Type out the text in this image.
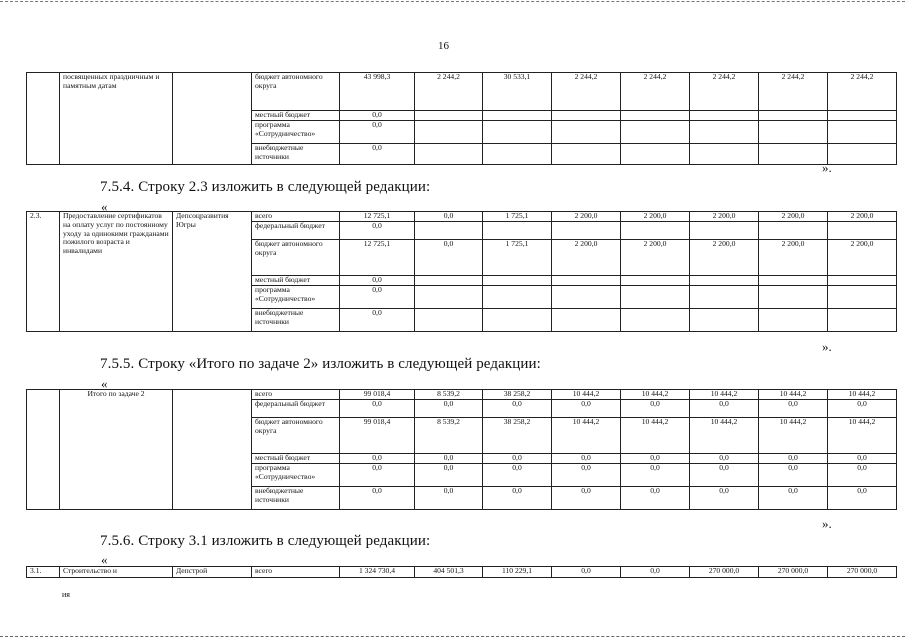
16
	посвященных праздничным и памятным датам		бюджет автономного округа	43 998,3	2 244,2	30 533,1	2 244,2	2 244,2	2 244,2	2 244,2	2 244,2
			местный бюджет	0,0							
			программа «Сотрудничество»	0,0							
			внебюджетные источники	0,0							
».
7.5.4. Строку 2.3 изложить в следующей редакции:
«
2.3.	Предоставление сертификатов на оплату услуг по постоянному уходу за одинокими гражданами пожилого возраста и инвалидами	Депсоцразвития Югры	всего	12 725,1	0,0	1 725,1	2 200,0	2 200,0	2 200,0	2 200,0	2 200,0
			федеральный бюджет	0,0							
			бюджет автономного округа	12 725,1	0,0	1 725,1	2 200,0	2 200,0	2 200,0	2 200,0	2 200,0
			местный бюджет	0,0							
			программа «Сотрудничество»	0,0							
			внебюджетные источники	0,0							
».
7.5.5. Строку «Итого по задаче 2» изложить в следующей редакции:
«
	Итого по задаче 2		всего	99 018,4	8 539,2	38 258,2	10 444,2	10 444,2	10 444,2	10 444,2	10 444,2
			федеральный бюджет	0,0	0,0	0,0	0,0	0,0	0,0	0,0	0,0
			бюджет автономного округа	99 018,4	8 539,2	38 258,2	10 444,2	10 444,2	10 444,2	10 444,2	10 444,2
			местный бюджет	0,0	0,0	0,0	0,0	0,0	0,0	0,0	0,0
			программа «Сотрудничество»	0,0	0,0	0,0	0,0	0,0	0,0	0,0	0,0
			внебюджетные источники	0,0	0,0	0,0	0,0	0,0	0,0	0,0	0,0
».
7.5.6. Строку 3.1 изложить в следующей редакции:
«
3.1.	Строительство и	Депстрой	всего	1 324 730,4	404 501,3	110 229,1	0,0	0,0	270 000,0	270 000,0	270 000,0
ия
